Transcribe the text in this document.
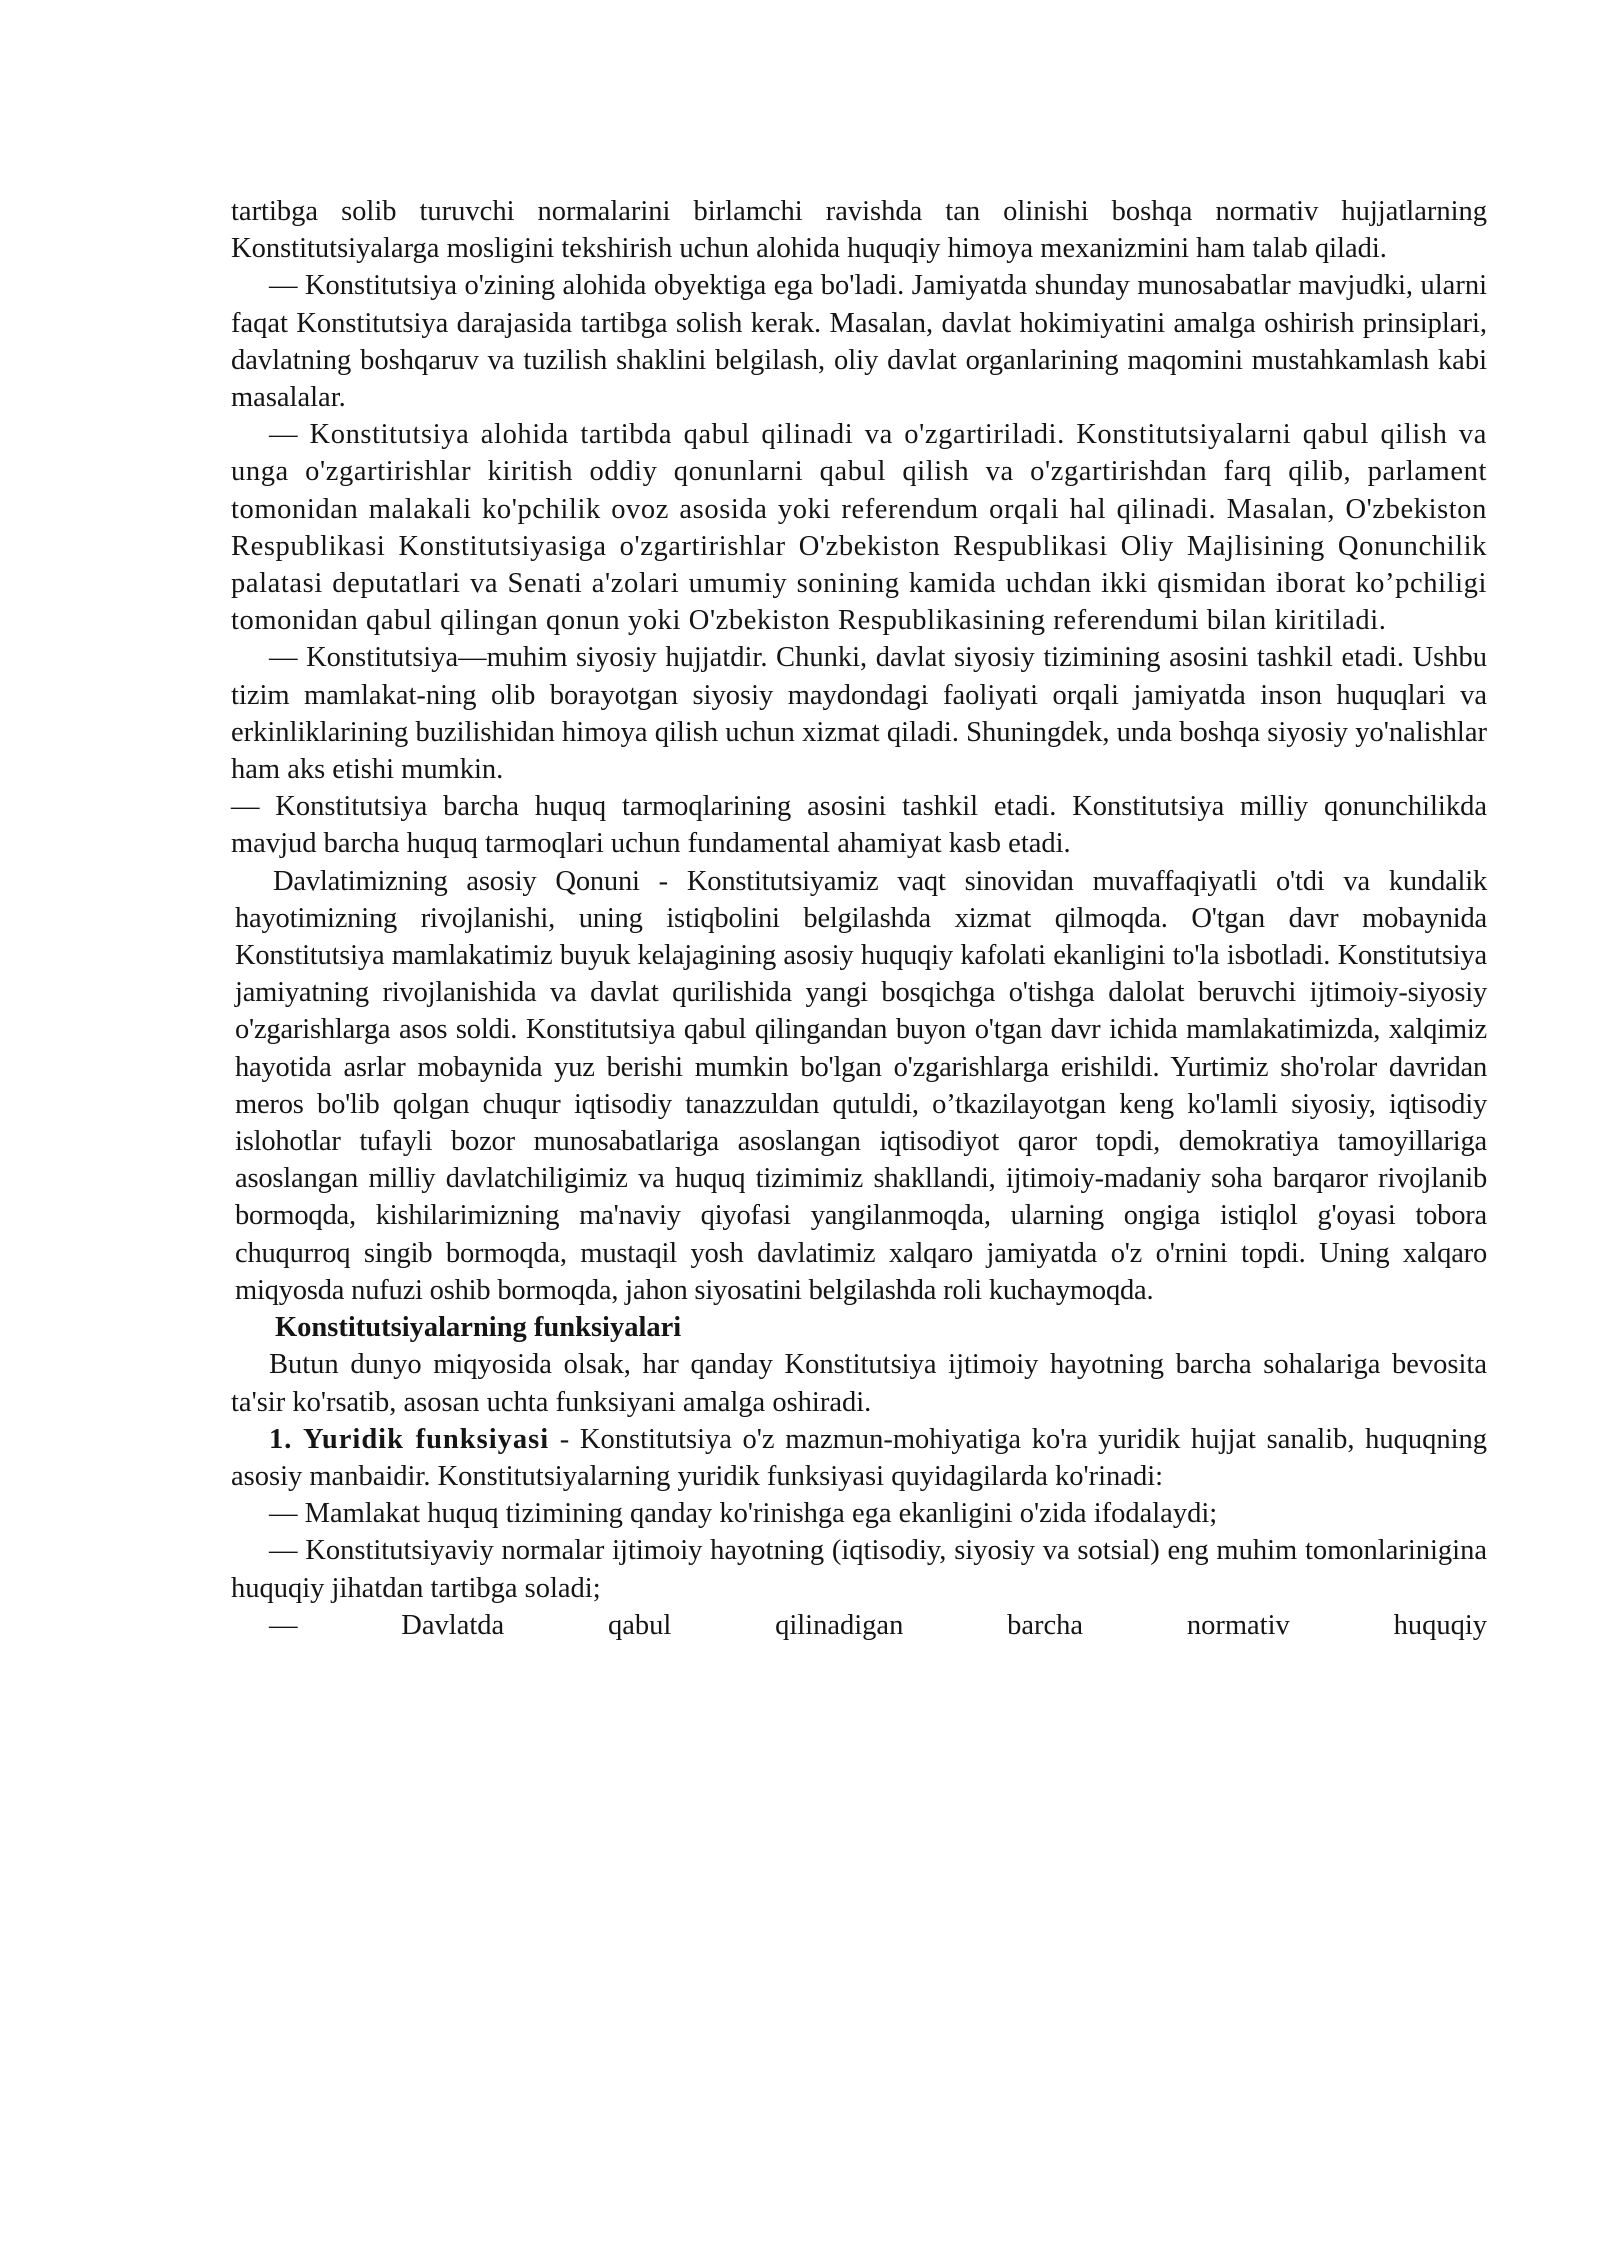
tartibga solib turuvchi normalarini birlamchi ravishda tan olinishi boshqa normativ hujjatlarning Konstitutsiyalarga mosligini tekshirish uchun alohida huquqiy himoya mexanizmini ham talab qiladi.

— Konstitutsiya o'zining alohida obyektiga ega bo'ladi. Jamiyatda shunday munosabatlar mavjudki, ularni faqat Konstitutsiya darajasida tartibga solish kerak. Masalan, davlat hokimiyatini amalga oshirish prinsiplari, davlatning boshqaruv va tuzilish shaklini belgilash, oliy davlat organlarining maqomini mustahkamlash kabi masalalar.

— Konstitutsiya alohida tartibda qabul qilinadi va o'zgartiriladi. Konstitutsiyalarni qabul qilish va unga o'zgartirishlar kiritish oddiy qonunlarni qabul qilish va o'zgartirishdan farq qilib, parlament tomonidan malakali ko'pchilik ovoz asosida yoki referendum orqali hal qilinadi. Masalan, O'zbekiston Respublikasi Konstitutsiyasiga o'zgartirishlar O'zbekiston Respublikasi Oliy Majlisining Qonunchilik palatasi deputatlari va Senati a'zolari umumiy sonining kamida uchdan ikki qismidan iborat ko’pchiligi tomonidan qabul qilingan qonun yoki O'zbekiston Respublikasining referendumi bilan kiritiladi.

— Konstitutsiya—muhim siyosiy hujjatdir. Chunki, davlat siyosiy tizimining asosini tashkil etadi. Ushbu tizim mamlakat-ning olib borayotgan siyosiy maydondagi faoliyati orqali jamiyatda inson huquqlari va erkinliklarining buzilishidan himoya qilish uchun xizmat qiladi. Shuningdek, unda boshqa siyosiy yo'nalishlar ham aks etishi mumkin.

— Konstitutsiya barcha huquq tarmoqlarining asosini tashkil etadi. Konstitutsiya milliy qonunchilikda mavjud barcha huquq tarmoqlari uchun fundamental ahamiyat kasb etadi.

Davlatimizning asosiy Qonuni - Konstitutsiyamiz vaqt sinovidan muvaffaqiyatli o'tdi va kundalik hayotimizning rivojlanishi, uning istiqbolini belgilashda xizmat qilmoqda. O'tgan davr mobaynida Konstitutsiya mamlakatimiz buyuk kelajagining asosiy huquqiy kafolati ekanligini to'la isbotladi. Konstitutsiya jamiyatning rivojlanishida va davlat qurilishida yangi bosqichga o'tishga dalolat beruvchi ijtimoiy-siyosiy o'zgarishlarga asos soldi. Konstitutsiya qabul qilingandan buyon o'tgan davr ichida mamlakatimizda, xalqimiz hayotida asrlar mobaynida yuz berishi mumkin bo'lgan o'zgarishlarga erishildi. Yurtimiz sho'rolar davridan meros bo'lib qolgan chuqur iqtisodiy tanazzuldan qutuldi, o’tkazilayotgan keng ko'lamli siyosiy, iqtisodiy islohotlar tufayli bozor munosabatlariga asoslangan iqtisodiyot qaror topdi, demokratiya tamoyillariga asoslangan milliy davlatchiligimiz va huquq tizimimiz shakllandi, ijtimoiy-madaniy soha barqaror rivojlanib bormoqda, kishilarimizning ma'naviy qiyofasi yangilanmoqda, ularning ongiga istiqlol g'oyasi tobora chuqurroq singib bormoqda, mustaqil yosh davlatimiz xalqaro jamiyatda o'z o'rnini topdi. Uning xalqaro miqyosda nufuzi oshib bormoqda, jahon siyosatini belgilashda roli kuchaymoqda.

Konstitutsiyalarning funksiyalari

Butun dunyo miqyosida olsak, har qanday Konstitutsiya ijtimoiy hayotning barcha sohalariga bevosita ta'sir ko'rsatib, asosan uchta funksiyani amalga oshiradi.

1. Yuridik funksiyasi - Konstitutsiya o'z mazmun-mohiyatiga ko'ra yuridik hujjat sanalib, huquqning asosiy manbaidir. Konstitutsiyalarning yuridik funksiyasi quyidagilarda ko'rinadi:

— Mamlakat huquq tizimining qanday ko'rinishga ega ekanligini o'zida ifodalaydi;

— Konstitutsiyaviy normalar ijtimoiy hayotning (iqtisodiy, siyosiy va sotsial) eng muhim tomonlarinigina huquqiy jihatdan tartibga soladi;

— Davlatda qabul qilinadigan barcha normativ huquqiy
